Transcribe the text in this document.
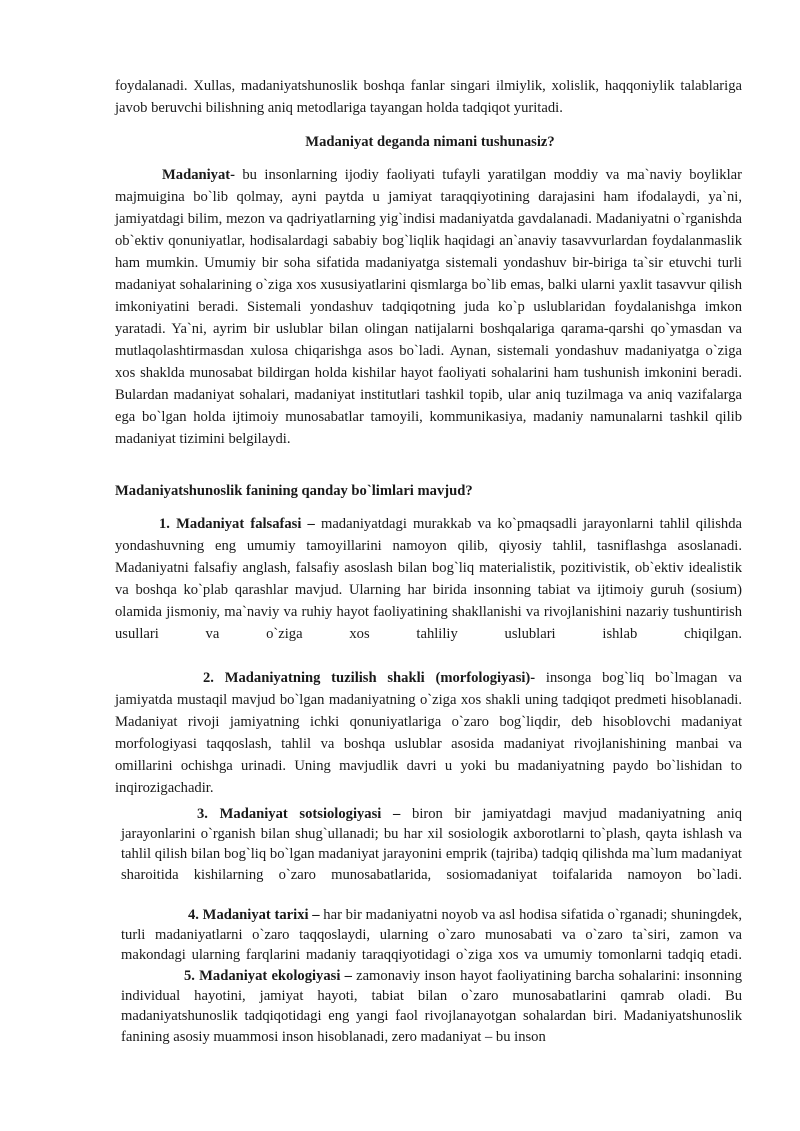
foydalanadi. Xullas, madaniyatshunoslik boshqa fanlar singari ilmiylik, xolislik, haqqoniylik talablariga javob beruvchi bilishning aniq metodlariga tayangan holda tadqiqot yuritadi.

Madaniyat deganda nimani tushunasiz?

Madaniyat- bu insonlarning ijodiy faoliyati tufayli yaratilgan moddiy va ma`naviy boyliklar majmuigina bo`lib qolmay, ayni paytda u jamiyat taraqqiyotining darajasini ham ifodalaydi, ya`ni, jamiyatdagi bilim, mezon va qadriyatlarning yig`indisi madaniyatda gavdalanadi. Madaniyatni o`rganishda ob`ektiv qonuniyatlar, hodisalardagi sababiy bog`liqlik haqidagi an`anaviy tasavvurlardan foydalanmaslik ham mumkin. Umumiy bir soha sifatida madaniyatga sistemali yondashuv bir-biriga ta`sir etuvchi turli madaniyat sohalarining o`ziga xos xususiyatlarini qismlarga bo`lib emas, balki ularni yaxlit tasavvur qilish imkoniyatini beradi. Sistemali yondashuv tadqiqotning juda ko`p uslublaridan foydalanishga imkon yaratadi. Ya`ni, ayrim bir uslublar bilan olingan natijalarni boshqalariga qarama-qarshi qo`ymasdan va mutlaqolashtirmasdan xulosa chiqarishga asos bo`ladi. Aynan, sistemali yondashuv madaniyatga o`ziga xos shaklda munosabat bildirgan holda kishilar hayot faoliyati sohalarini ham tushunish imkonini beradi. Bulardan madaniyat sohalari, madaniyat institutlari tashkil topib, ular aniq tuzilmaga va aniq vazifalarga ega bo`lgan holda ijtimoiy munosabatlar tamoyili, kommunikasiya, madaniy namunalarni tashkil qilib madaniyat tizimini belgilaydi.

Madaniyatshunoslik fanining qanday bo`limlari mavjud?

1. Madaniyat falsafasi – madaniyatdagi murakkab va ko`pmaqsadli jarayonlarni tahlil qilishda yondashuvning eng umumiy tamoyillarini namoyon qilib, qiyosiy tahlil, tasniflashga asoslanadi. Madaniyatni falsafiy anglash, falsafiy asoslash bilan bog`liq materialistik, pozitivistik, ob`ektiv idealistik va boshqa ko`plab qarashlar mavjud. Ularning har birida insonning tabiat va ijtimoiy guruh (sosium) olamida jismoniy, ma`naviy va ruhiy hayot faoliyatining shakllanishi va rivojlanishini nazariy tushuntirish usullari va o`ziga xos tahliliy uslublari ishlab chiqilgan.

2. Madaniyatning tuzilish shakli (morfologiyasi)- insonga bog`liq bo`lmagan va jamiyatda mustaqil mavjud bo`lgan madaniyatning o`ziga xos shakli uning tadqiqot predmeti hisoblanadi. Madaniyat rivoji jamiyatning ichki qonuniyatlariga o`zaro bog`liqdir, deb hisoblovchi madaniyat morfologiyasi taqqoslash, tahlil va boshqa uslublar asosida madaniyat rivojlanishining manbai va omillarini ochishga urinadi. Uning mavjudlik davri u yoki bu madaniyatning paydo bo`lishidan to inqirozigachadir.

3. Madaniyat sotsiologiyasi – biron bir jamiyatdagi mavjud madaniyatning aniq jarayonlarini o`rganish bilan shug`ullanadi; bu har xil sosiologik axborotlarni to`plash, qayta ishlash va tahlil qilish bilan bog`liq bo`lgan madaniyat jarayonini emprik (tajriba) tadqiq qilishda ma`lum madaniyat sharoitida kishilarning o`zaro munosabatlarida, sosiomadaniyat toifalarida namoyon bo`ladi.

4. Madaniyat tarixi – har bir madaniyatni noyob va asl hodisa sifatida o`rganadi; shuningdek, turli madaniyatlarni o`zaro taqqoslaydi, ularning o`zaro munosabati va o`zaro ta`siri, zamon va makondagi ularning farqlarini madaniy taraqqiyotidagi o`ziga xos va umumiy tomonlarni tadqiq etadi.

5. Madaniyat ekologiyasi – zamonaviy inson hayot faoliyatining barcha sohalarini: insonning individual hayotini, jamiyat hayoti, tabiat bilan o`zaro munosabatlarini qamrab oladi. Bu madaniyatshunoslik tadqiqotidagi eng yangi faol rivojlanayotgan sohalardan biri. Madaniyatshunoslik fanining asosiy muammosi inson hisoblanadi, zero madaniyat – bu inson
